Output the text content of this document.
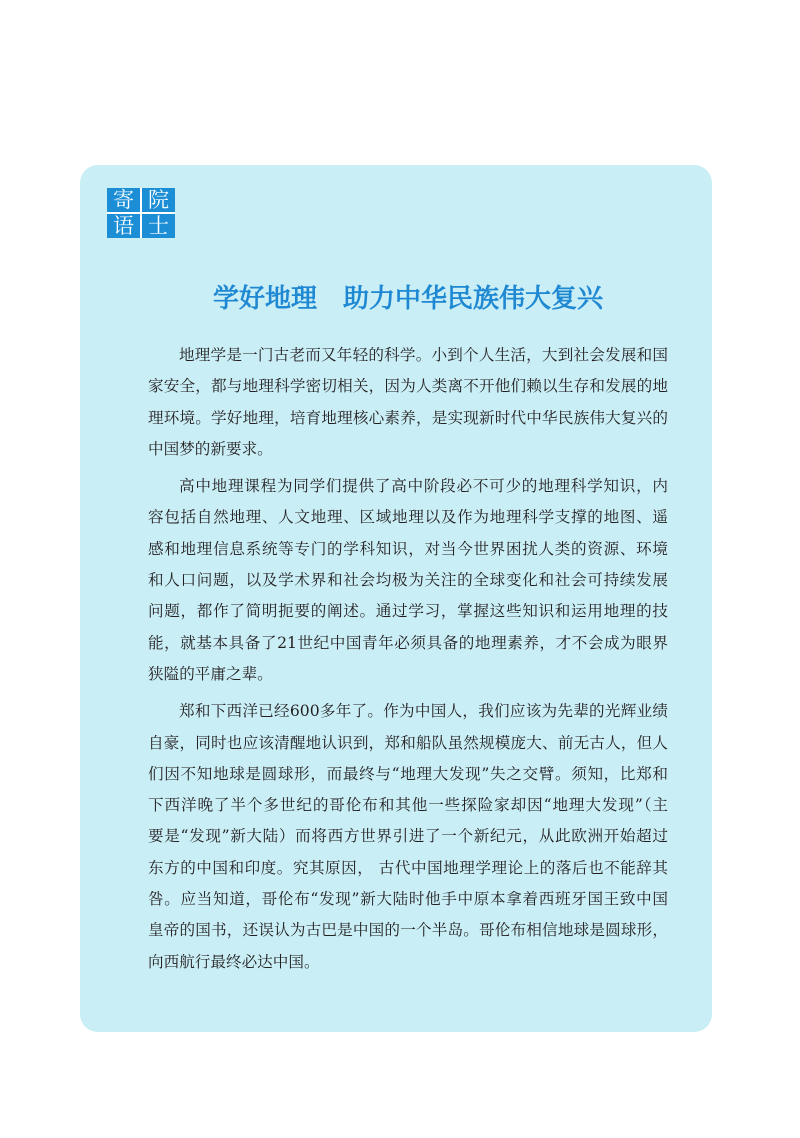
寄 院
语 士
学好地理　助力中华民族伟大复兴
地理学是一门古老而又年轻的科学。小到个人生活，大到社会发展和国
家安全，都与地理科学密切相关，因为人类离不开他们赖以生存和发展的地
理环境。学好地理，培育地理核心素养，是实现新时代中华民族伟大复兴的
中国梦的新要求。
高中地理课程为同学们提供了高中阶段必不可少的地理科学知识，内
容包括自然地理、人文地理、区域地理以及作为地理科学支撑的地图、遥
感和地理信息系统等专门的学科知识，对当今世界困扰人类的资源、环境
和人口问题，以及学术界和社会均极为关注的全球变化和社会可持续发展
问题，都作了简明扼要的阐述。通过学习，掌握这些知识和运用地理的技
能，就基本具备了21世纪中国青年必须具备的地理素养，才不会成为眼界
狭隘的平庸之辈。
郑和下西洋已经600多年了。作为中国人，我们应该为先辈的光辉业绩
自豪，同时也应该清醒地认识到，郑和船队虽然规模庞大、前无古人，但人
们因不知地球是圆球形，而最终与“地理大发现”失之交臂。须知，比郑和
下西洋晚了半个多世纪的哥伦布和其他一些探险家却因“地理大发现”（主
要是“发现”新大陆）而将西方世界引进了一个新纪元，从此欧洲开始超过
东方的中国和印度。究其原因， 古代中国地理学理论上的落后也不能辞其
咎。应当知道，哥伦布“发现”新大陆时他手中原本拿着西班牙国王致中国
皇帝的国书，还误认为古巴是中国的一个半岛。哥伦布相信地球是圆球形，
向西航行最终必达中国。
